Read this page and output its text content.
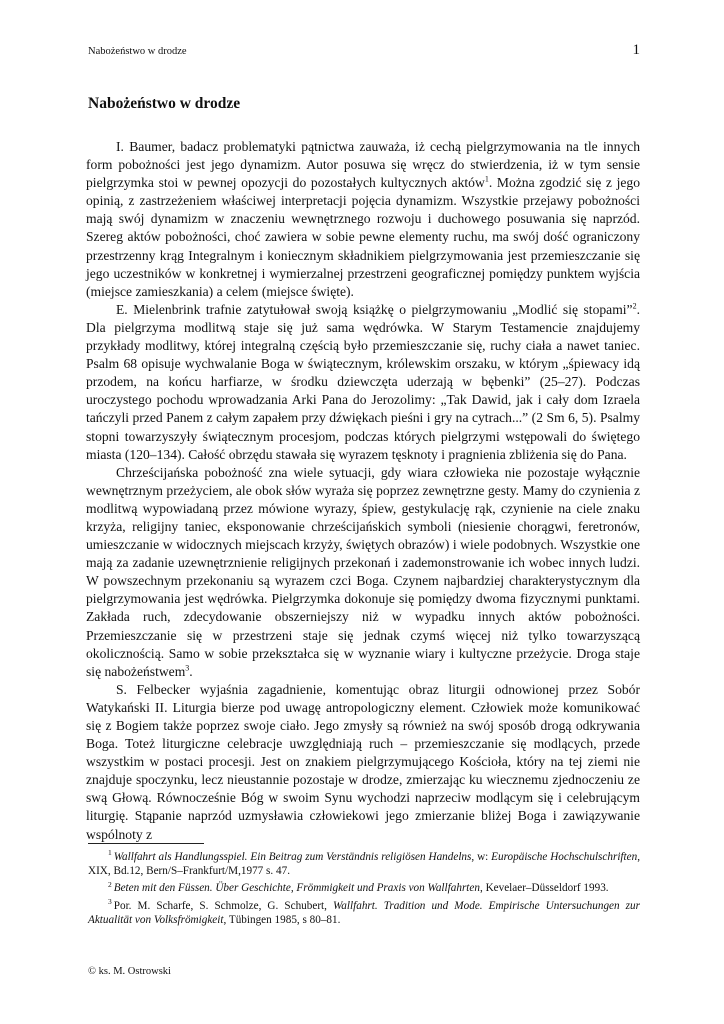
Nabożeństwo w drodze	1
Nabożeństwo w drodze

I. Baumer, badacz problematyki pątnictwa zauważa, iż cechą pielgrzymowania na tle innych form pobożności jest jego dynamizm. Autor posuwa się wręcz do stwierdzenia, iż w tym sensie pielgrzymka stoi w pewnej opozycji do pozostałych kultycznych aktów$^1$. Można zgodzić się z jego opinią, z zastrzeżeniem właściwej interpretacji pojęcia dynamizm. Wszystkie przejawy pobożności mają swój dynamizm w znaczeniu wewnętrznego rozwoju i duchowego posuwania się naprzód. Szereg aktów pobożności, choć zawiera w sobie pewne elementy ruchu, ma swój dość ograniczony przestrzenny krąg Integralnym i koniecznym składnikiem pielgrzymowania jest przemieszczanie się jego uczestników w konkretnej i wymierzalnej przestrzeni geograficznej pomiędzy punktem wyjścia (miejsce zamieszkania) a celem (miejsce święte).

E. Mielenbrink trafnie zatytułował swoją książkę o pielgrzymowaniu „Modlić się stopami”$^2$. Dla pielgrzyma modlitwą staje się już sama wędrówka. W Starym Testamencie znajdujemy przykłady modlitwy, której integralną częścią było przemieszczanie się, ruchy ciała a nawet taniec. Psalm 68 opisuje wychwalanie Boga w świątecznym, królewskim orszaku, w którym „śpiewacy idą przodem, na końcu harfiarze, w środku dziewczęta uderzają w bębenki” (25–27). Podczas uroczystego pochodu wprowadzania Arki Pana do Jerozolimy: „Tak Dawid, jak i cały dom Izraela tańczyli przed Panem z całym zapałem przy dźwiękach pieśni i gry na cytrach...” (2 Sm 6, 5). Psalmy stopni towarzyszyły świątecznym procesjom, podczas których pielgrzymi wstępowali do świętego miasta (120–134). Całość obrzędu stawała się wyrazem tęsknoty i pragnienia zbliżenia się do Pana.

Chrześcijańska pobożność zna wiele sytuacji, gdy wiara człowieka nie pozostaje wyłącznie wewnętrznym przeżyciem, ale obok słów wyraża się poprzez zewnętrzne gesty. Mamy do czynienia z modlitwą wypowiadaną przez mówione wyrazy, śpiew, gestykulację rąk, czynienie na ciele znaku krzyża, religijny taniec, eksponowanie chrześcijańskich symboli (niesienie chorągwi, feretronów, umieszczanie w widocznych miejscach krzyży, świętych obrazów) i wiele podobnych. Wszystkie one mają za zadanie uzewnętrznienie religijnych przekonań i zademonstrowanie ich wobec innych ludzi. W powszechnym przekonaniu są wyrazem czci Boga. Czynem najbardziej charakterystycznym dla pielgrzymowania jest wędrówka. Pielgrzymka dokonuje się pomiędzy dwoma fizycznymi punktami. Zakłada ruch, zdecydowanie obszerniejszy niż w wypadku innych aktów pobożności. Przemieszczanie się w przestrzeni staje się jednak czymś więcej niż tylko towarzyszącą okolicznością. Samo w sobie przekształca się w wyznanie wiary i kultyczne przeżycie. Droga staje się nabożeństwem$^3$.

S. Felbecker wyjaśnia zagadnienie, komentując obraz liturgii odnowionej przez Sobór Watykański II. Liturgia bierze pod uwagę antropologiczny element. Człowiek może komunikować się z Bogiem także poprzez swoje ciało. Jego zmysły są również na swój sposób drogą odkrywania Boga. Toteż liturgiczne celebracje uwzględniają ruch – przemieszczanie się modlących, przede wszystkim w postaci procesji. Jest on znakiem pielgrzymującego Kościoła, który na tej ziemi nie znajduje spoczynku, lecz nieustannie pozostaje w drodze, zmierzając ku wiecznemu zjednoczeniu ze swą Głową. Równocześnie Bóg w swoim Synu wychodzi naprzeciw modlącym się i celebrującym liturgię. Stąpanie naprzód uzmysławia człowiekowi jego zmierzanie bliżej Boga i zawiązywanie wspólnoty z

$^1$ Wallfahrt als Handlungsspiel. Ein Beitrag zum Verständnis religiösen Handelns, w: Europäische Hochschulschriften, XIX, Bd.12, Bern/S–Frankfurt/M,1977 s. 47.

$^2$ Beten mit den Füssen. Über Geschichte, Frömmigkeit und Praxis von Wallfahrten, Kevelaer–Düsseldorf 1993.

$^3$ Por. M. Scharfe, S. Schmolze, G. Schubert, Wallfahrt. Tradition und Mode. Empirische Untersuchungen zur Aktualität von Volksfrömigkeit, Tübingen 1985, s 80–81.

© ks. M. Ostrowski
